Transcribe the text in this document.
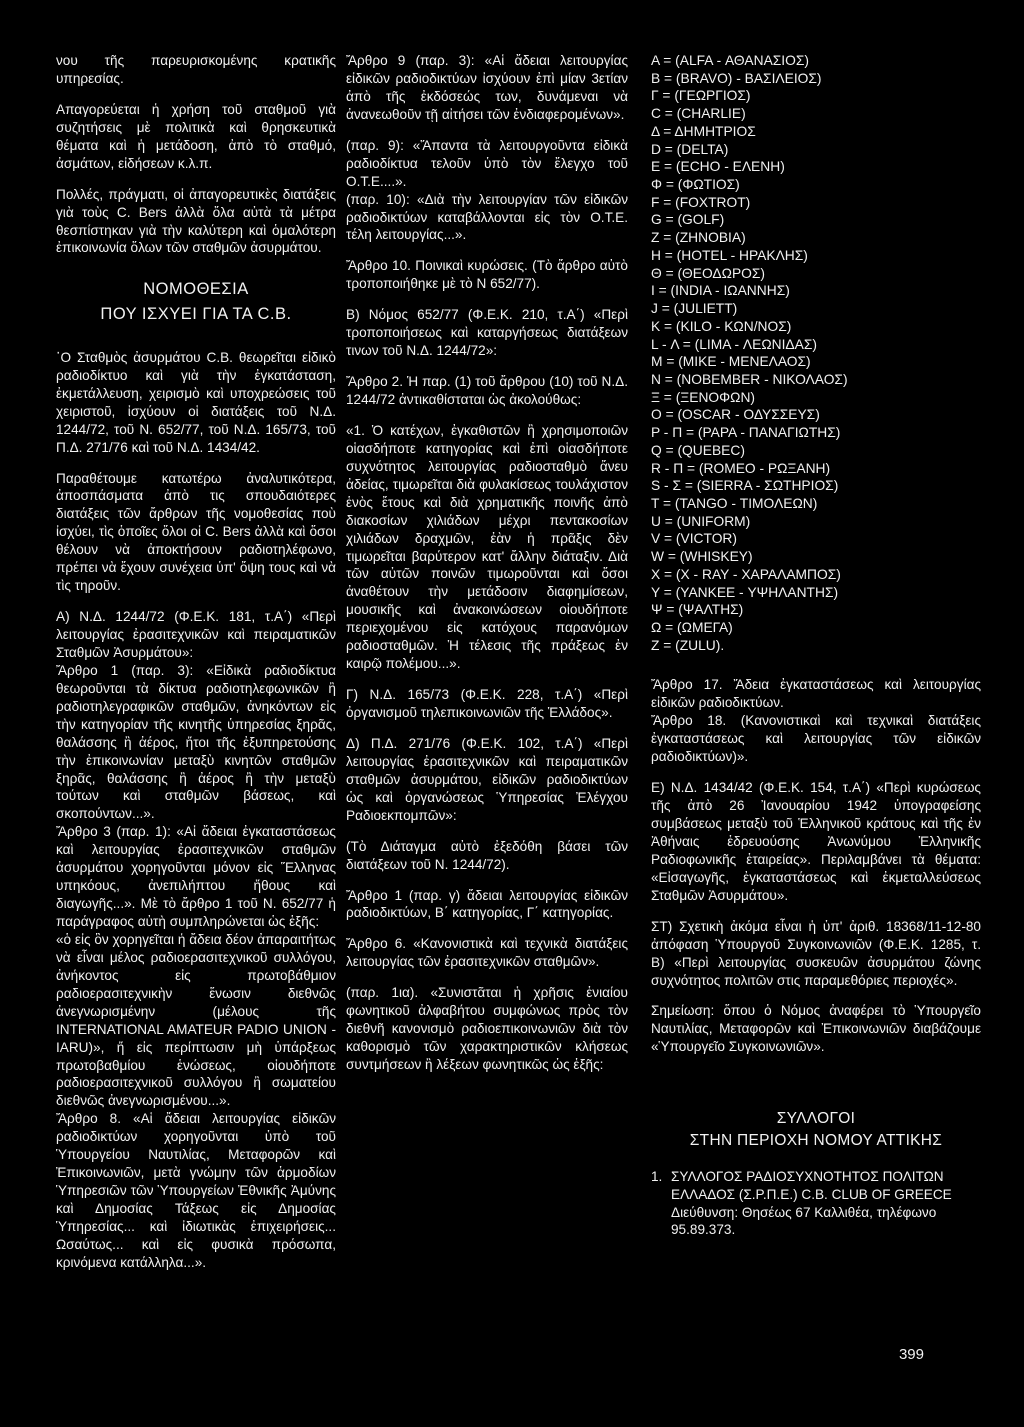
νου τῆς παρευρισκομένης κρατικῆς υπηρεσίας.

Απαγορεύεται ἡ χρήση τοῦ σταθμοῦ γιὰ συζητήσεις μὲ πολιτικὰ καὶ θρησκευτικὰ θέματα καὶ ἡ μετάδοση, ἀπὸ τὸ σταθμό, ἀσμάτων, εἰδήσεων κ.λ.π.

Πολλές, πράγματι, οἱ ἀπαγορευτικὲς διατάξεις γιὰ τοὺς C. Bers ἀλλὰ ὅλα αὐτὰ τὰ μέτρα θεσπίστηκαν γιὰ τὴν καλύτερη καὶ ὁμαλότερη ἐπικοινωνία ὅλων τῶν σταθμῶν ἀσυρμάτου.

ΝΟΜΟΘΕΣΙΑ
ΠΟΥ ΙΣΧΥΕΙ ΓΙΑ ΤΑ C.B.

῾Ο Σταθμὸς ἀσυρμάτου C.B. θεωρεῖται εἰδικὸ ραδιοδίκτυο καὶ γιὰ τὴν ἐγκατάσταση, ἐκμετάλλευση, χειρισμὸ καὶ υποχρεώσεις τοῦ χειριστοῦ, ἰσχύουν οἱ διατάξεις τοῦ Ν.Δ. 1244/72, τοῦ Ν. 652/77, τοῦ Ν.Δ. 165/73, τοῦ Π.Δ. 271/76 καὶ τοῦ Ν.Δ. 1434/42.

Παραθέτουμε κατωτέρω ἀναλυτικότερα, ἀποσπάσματα ἀπὸ τις σπουδαιότερες διατάξεις τῶν ἄρθρων τῆς νομοθεσίας ποὺ ἰσχύει, τὶς ὁποῖες ὅλοι οἱ C. Bers ἀλλὰ καὶ ὅσοι θέλουν νὰ ἀποκτήσουν ραδιοτηλέφωνο, πρέπει νὰ ἔχουν συνέχεια ὑπ' ὄψη τους καὶ νὰ τὶς τηροῦν.

Α) Ν.Δ. 1244/72 (Φ.Ε.Κ. 181, τ.Α΄) «Περὶ λειτουργίας ἐρασιτεχνικῶν καὶ πειραματικῶν Σταθμῶν Ἀσυρμάτου»:

Ἄρθρο 1 (παρ. 3): «Εἰδικὰ ραδιοδίκτυα θεωροῦνται τὰ δίκτυα ραδιοτηλεφωνικῶν ἢ ραδιοτηλεγραφικῶν σταθμῶν, ἀνηκόντων εἰς τὴν κατηγορίαν τῆς κινητῆς ὑπηρεσίας ξηρᾶς, θαλάσσης ἢ ἀέρος, ἤτοι τῆς ἐξυπηρετούσης τὴν ἐπικοινωνίαν μεταξὺ κινητῶν σταθμῶν ξηρᾶς, θαλάσσης ἢ ἀέρος ἢ τὴν μεταξὺ τούτων καὶ σταθμῶν βάσεως, καὶ σκοπούντων...».

Ἄρθρο 3 (παρ. 1): «Αἱ ἄδειαι ἐγκαταστάσεως καὶ λειτουργίας ἐρασιτεχνικῶν σταθμῶν ἀσυρμάτου χορηγοῦνται μόνον εἰς Ἕλληνας υπηκόους, ἀνεπιλήπτου ἤθους καὶ διαγωγῆς...». Μὲ τὸ ἄρθρο 1 τοῦ Ν. 652/77 ἡ παράγραφος αὐτὴ συμπληρώνεται ὡς ἑξῆς:

«ὁ εἰς ὃν χορηγεῖται ἡ ἄδεια δέον ἀπαραιτήτως νὰ εἶναι μέλος ραδιοερασιτεχνικοῦ συλλόγου, ἀνήκοντος εἰς πρωτοβάθμιον ραδιοερασιτεχνικὴν ἕνωσιν διεθνῶς ἀνεγνωρισμένην (μέλους τῆς INTERNATIONAL AMATEUR PADIO UNION - IARU)», ἤ εἰς περίπτωσιν μὴ ὑπάρξεως πρωτοβαθμίου ἑνώσεως, οἱουδήποτε ραδιοερασιτεχνικοῦ συλλόγου ἢ σωματείου διεθνῶς ἀνεγνωρισμένου...».

Ἄρθρο 8. «Αἱ ἄδειαι λειτουργίας εἰδικῶν ραδιοδικτύων χορηγοῦνται ὑπὸ τοῦ Ὑπουργείου Ναυτιλίας, Μεταφορῶν καὶ Ἐπικοινωνιῶν, μετὰ γνώμην τῶν ἁρμοδίων Ὑπηρεσιῶν τῶν Ὑπουργείων Ἐθνικῆς Ἀμύνης καὶ Δημοσίας Τάξεως εἰς Δημοσίας Ὑπηρεσίας... καὶ ἰδιωτικὰς ἐπιχειρήσεις... Ωσαύτως... καὶ εἰς φυσικὰ πρόσωπα, κρινόμενα κατάλληλα...».

Ἄρθρο 9 (παρ. 3): «Αἱ ἄδειαι λειτουργίας εἰδικῶν ραδιοδικτύων ἰσχύουν ἐπὶ μίαν 3ετίαν ἀπὸ τῆς ἐκδόσεώς των, δυνάμεναι νὰ ἀνανεωθοῦν τῇ αἰτήσει τῶν ἐνδιαφερομένων».

(παρ. 9): «Ἅπαντα τὰ λειτουργοῦντα εἰδικὰ ραδιοδίκτυα τελοῦν ὑπὸ τὸν ἔλεγχο τοῦ Ο.Τ.Ε....».

(παρ. 10): «Διὰ τὴν λειτουργίαν τῶν εἰδικῶν ραδιοδικτύων καταβάλλονται εἰς τὸν Ο.Τ.Ε. τέλη λειτουργίας...».

Ἄρθρο 10. Ποινικαὶ κυρώσεις. (Τὸ ἄρθρο αὐτὸ τροποποιήθηκε μὲ τὸ Ν 652/77).

Β) Νόμος 652/77 (Φ.Ε.Κ. 210, τ.Α΄) «Περὶ τροποποιήσεως καὶ καταργήσεως διατάξεων τινων τοῦ Ν.Δ. 1244/72»:

Ἄρθρο 2. Ἡ παρ. (1) τοῦ ἄρθρου (10) τοῦ Ν.Δ. 1244/72 ἀντικαθίσταται ὡς ἀκολούθως:

«1. Ὁ κατέχων, ἐγκαθιστῶν ἢ χρησιμοποιῶν οἱασδήποτε κατηγορίας καὶ ἐπὶ οἱασδήποτε συχνότητος λειτουργίας ραδιοσταθμὸ ἄνευ ἀδείας, τιμωρεῖται διὰ φυλακίσεως τουλάχιστον ἑνὸς ἔτους καὶ διὰ χρηματικῆς ποινῆς ἀπὸ διακοσίων χιλιάδων μέχρι πεντακοσίων χιλιάδων δραχμῶν, ἐὰν ἡ πρᾶξις δὲν τιμωρεῖται βαρύτερον κατ' ἄλλην διάταξιν. Διὰ τῶν αὐτῶν ποινῶν τιμωροῦνται καὶ ὅσοι ἀναθέτουν τὴν μετάδοσιν διαφημίσεων, μουσικῆς καὶ ἀνακοινώσεων οἱουδήποτε περιεχομένου εἰς κατόχους παρανόμων ραδιοσταθμῶν. Ἡ τέλεσις τῆς πράξεως ἐν καιρῷ πολέμου...».

Γ) Ν.Δ. 165/73 (Φ.Ε.Κ. 228, τ.Α΄) «Περὶ ὀργανισμοῦ τηλεπικοινωνιῶν τῆς Ἑλλάδος».

Δ) Π.Δ. 271/76 (Φ.Ε.Κ. 102, τ.Α΄) «Περὶ λειτουργίας ἐρασιτεχνικῶν καὶ πειραματικῶν σταθμῶν ἀσυρμάτου, εἰδικῶν ραδιοδικτύων ὡς καὶ ὀργανώσεως Ὑπηρεσίας Ἐλέγχου Ραδιοεκπομπῶν»:

(Τὸ Διάταγμα αὐτὸ ἐξεδόθη βάσει τῶν διατάξεων τοῦ Ν. 1244/72).

Ἄρθρο 1 (παρ. γ) ἄδειαι λειτουργίας εἰδικῶν ραδιοδικτύων, Β΄ κατηγορίας, Γ΄ κατηγορίας.

Ἄρθρο 6. «Κανονιστικὰ καὶ τεχνικὰ διατάξεις λειτουργίας τῶν ἐρασιτεχνικῶν σταθμῶν».

(παρ. 1ια). «Συνιστᾶται ἡ χρῆσις ἑνιαίου φωνητικοῦ ἀλφαβήτου συμφώνως πρὸς τὸν διεθνῆ κανονισμὸ ραδιοεπικοινωνιῶν διὰ τὸν καθορισμὸ τῶν χαρακτηριστικῶν κλήσεως συντμήσεων ἢ λέξεων φωνητικῶς ὡς ἑξῆς:

A = (ALFA - ΑΘΑΝΑΣΙΟΣ)
B = (BRAVO) - ΒΑΣΙΛΕΙΟΣ)
Γ = (ΓΕΩΡΓΙΟΣ)
C = (CHARLIE)
Δ = ΔΗΜΗΤΡΙΟΣ
D = (DELTA)
E = (ECHO - ΕΛΕΝΗ)
Φ = (ΦΩΤΙΟΣ)
F = (FOXTROT)
G = (GOLF)
Z = (ΖΗΝΟΒΙΑ)
H = (HOTEL - ΗΡΑΚΛΗΣ)
Θ = (ΘΕΟΔΩΡΟΣ)
I = (INDIA - ΙΩΑΝΝΗΣ)
J = (JULIETT)
K = (KILO - ΚΩΝ/ΝΟΣ)
L - Λ = (LIMA - ΛΕΩΝΙΔΑΣ)
M = (MIKE - ΜΕΝΕΛΑΟΣ)
N = (NOBEMBER - ΝΙΚΟΛΑΟΣ)
Ξ = (ΞΕΝΟΦΩΝ)
O = (OSCAR - ΟΔΥΣΣΕΥΣ)
P - Π = (PAPA - ΠΑΝΑΓΙΩΤΗΣ)
Q = (QUEBEC)
R - Π = (ROMEO - ΡΩΞΑΝΗ)
S - Σ = (SIERRA - ΣΩΤΗΡΙΟΣ)
T = (TANGO - ΤΙΜΟΛΕΩΝ)
U = (UNIFORM)
V = (VICTOR)
W = (WHISKEY)
X = (X - RAY - ΧΑΡΑΛΑΜΠΟΣ)
Y = (YANKEE - ΥΨΗΛΑΝΤΗΣ)
Ψ = (ΨΑΛΤΗΣ)
Ω = (ΩΜΕΓΑ)
Z = (ZULU).

Ἄρθρο 17. Ἄδεια ἐγκαταστάσεως καὶ λειτουργίας εἰδικῶν ραδιοδικτύων.

Ἄρθρο 18. (Κανονιστικαὶ καὶ τεχνικαὶ διατάξεις ἐγκαταστάσεως καὶ λειτουργίας τῶν εἰδικῶν ραδιοδικτύων)».

Ε) Ν.Δ. 1434/42 (Φ.Ε.Κ. 154, τ.Α΄) «Περὶ κυρώσεως τῆς ἀπὸ 26 Ἰανουαρίου 1942 ὑπογραφείσης συμβάσεως μεταξὺ τοῦ Ἑλληνικοῦ κράτους καὶ τῆς ἐν Ἀθήναις ἑδρευούσης Ἀνωνύμου Ἑλληνικῆς Ραδιοφωνικῆς ἑταιρείας». Περιλαμβάνει τὰ θέματα: «Εἰσαγωγῆς, ἐγκαταστάσεως καὶ ἐκμεταλλεύσεως Σταθμῶν Ἀσυρμάτου».

ΣΤ) Σχετικὴ ἀκόμα εἶναι ἡ ὑπ' ἀριθ. 18368/11-12-80 ἀπόφαση Ὑπουργοῦ Συγκοινωνιῶν (Φ.Ε.Κ. 1285, τ. Β) «Περὶ λειτουργίας συσκευῶν ἀσυρμάτου ζώνης συχνότητος πολιτῶν στις παραμεθόριες περιοχές».

Σημείωση: ὅπου ὁ Νόμος ἀναφέρει τὸ Ὑπουργεῖο Ναυτιλίας, Μεταφορῶν καὶ Ἐπικοινωνιῶν διαβάζουμε «Ὑπουργεῖο Συγκοινωνιῶν».

ΣΥΛΛΟΓΟΙ
ΣΤΗΝ ΠΕΡΙΟΧΗ ΝΟΜΟΥ ΑΤΤΙΚΗΣ
1. ΣΥΛΛΟΓΟΣ ΡΑΔΙΟΣΥΧΝΟΤΗΤΟΣ ΠΟΛΙΤΩΝ ΕΛΛΑΔΟΣ (Σ.Ρ.Π.Ε.) C.B. CLUB OF GREECE
Διεύθυνση: Θησέως 67 Καλλιθέα, τηλέφωνο 95.89.373.
399
